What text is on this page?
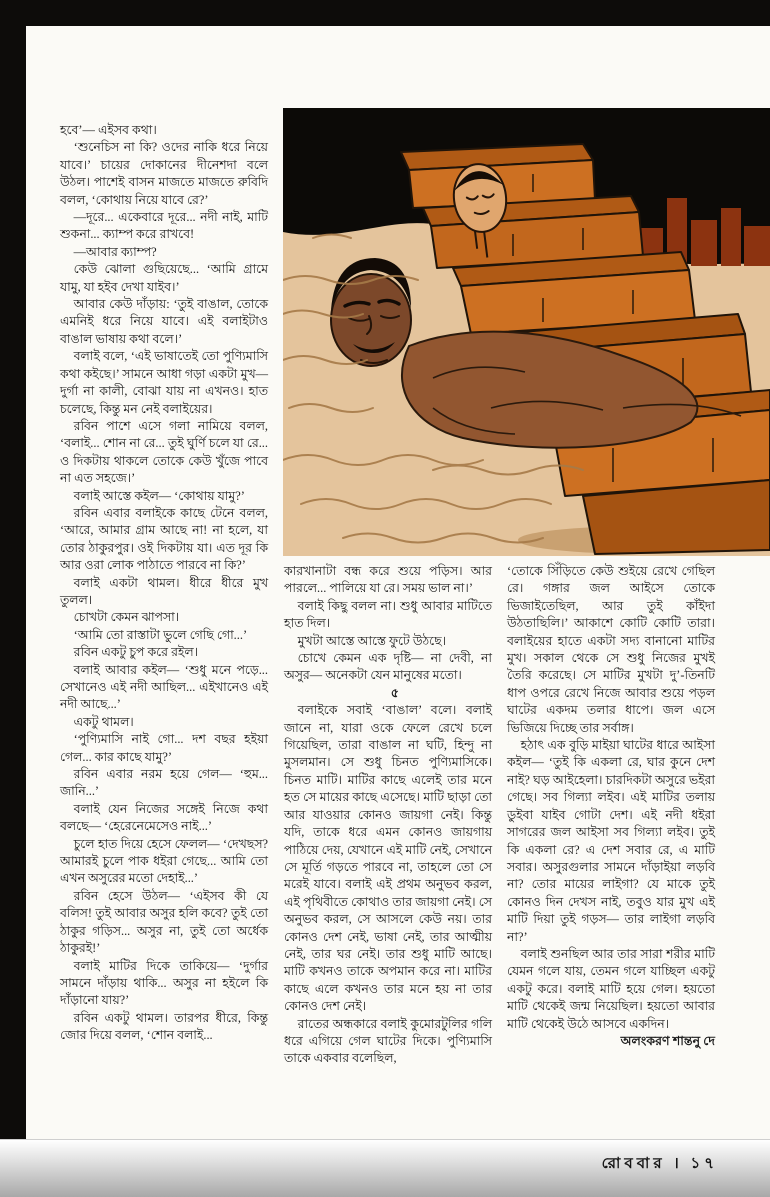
হবে’— এইসব কথা।

‘শুনেচিস না কি? ওদের নাকি ধরে নিয়ে যাবে।’ চায়ের দোকানের দীনেশদা বলে উঠল। পাশেই বাসন মাজতে মাজতে রুবিদি বলল, ‘কোথায় নিয়ে যাবে রে?’

—দূরে... একেবারে দূরে... নদী নাই, মাটি শুকনা... ক্যাম্প করে রাখবে!

—আবার ক্যাম্প?

কেউ ঝোলা গুছিয়েছে... ‘আমি গ্রামে যামু, যা হইব দেখা যাইব।’

আবার কেউ দাঁড়ায়: ‘তুই বাঙাল, তোকে এমনিই ধরে নিয়ে যাবে। এই বলাইটাও বাঙাল ভাষায় কথা বলে।’

বলাই বলে, ‘এই ভাষাতেই তো পুণ্যিমাসি কথা কইছে।’ সামনে আধা গড়া একটা মুখ— দুর্গা না কালী, বোঝা যায় না এখনও। হাত চলেছে, কিন্তু মন নেই বলাইয়ের।

রবিন পাশে এসে গলা নামিয়ে বলল, ‘বলাই... শোন না রে... তুই ঘুর্ণি চলে যা রে... ও দিকটায় থাকলে তোকে কেউ খুঁজে পাবে না এত সহজে।’

বলাই আস্তে কইল— ‘কোথায় যামু?’

রবিন এবার বলাইকে কাছে টেনে বলল, ‘আরে, আমার গ্রাম আছে না! না হলে, যা তোর ঠাকুরপুর। ওই দিকটায় যা। এত দূর কি আর ওরা লোক পাঠাতে পারবে না কি?’

বলাই একটা থামল। ধীরে ধীরে মুখ তুলল।

চোখটা কেমন ঝাপসা।

‘আমি তো রাস্তাটা ভুলে গেছি গো...’

রবিন একটু চুপ করে রইল।

বলাই আবার কইল— ‘শুধু মনে পড়ে... সেখানেও এই নদী আছিল... এইখানেও এই নদী আছে...’

একটু থামল।

‘পুণ্যিমাসি নাই গো... দশ বছর হইয়া গেল... কার কাছে যামু?’

রবিন এবার নরম হয়ে গেল— ‘হুম... জানি...’

বলাই যেন নিজের সঙ্গেই নিজে কথা বলছে— ‘হেরেনেমেসেও নাই...’

চুলে হাত দিয়ে হেসে ফেলল— ‘দেখছস? আমারই চুলে পাক ধইরা গেছে... আমি তো এখন অসুরের মতো দেহাই...’

রবিন হেসে উঠল— ‘এইসব কী যে বলিস! তুই আবার অসুর হলি কবে? তুই তো ঠাকুর গড়িস... অসুর না, তুই তো অর্ধেক ঠাকুরই!’

বলাই মাটির দিকে তাকিয়ে— ‘দুর্গার সামনে দাঁড়ায় থাকি... অসুর না হইলে কি দাঁড়ানো যায়?’

রবিন একটু থামল। তারপর ধীরে, কিন্তু জোর দিয়ে বলল, ‘শোন বলাই...

কারখানাটা বন্ধ করে শুয়ে পড়িস। আর পারলে... পালিয়ে যা রে। সময় ভাল না।’

বলাই কিছু বলল না। শুধু আবার মাটিতে হাত দিল।

মুখটা আস্তে আস্তে ফুটে উঠছে।

চোখে কেমন এক দৃষ্টি— না দেবী, না অসুর— অনেকটা যেন মানুষের মতো।

৫

বলাইকে সবাই ‘বাঙাল’ বলে। বলাই জানে না, যারা ওকে ফেলে রেখে চলে গিয়েছিল, তারা বাঙাল না ঘটি, হিন্দু না মুসলমান। সে শুধু চিনত পুণ্যিমাসিকে। চিনত মাটি। মাটির কাছে এলেই তার মনে হত সে মায়ের কাছে এসেছে। মাটি ছাড়া তো আর যাওয়ার কোনও জায়গা নেই। কিন্তু যদি, তাকে ধরে এমন কোনও জায়গায় পাঠিয়ে দেয়, যেখানে এই মাটি নেই, সেখানে সে মূর্তি গড়তে পারবে না, তাহলে তো সে মরেই যাবে। বলাই এই প্রথম অনুভব করল, এই পৃথিবীতে কোথাও তার জায়গা নেই। সে অনুভব করল, সে আসলে কেউ নয়। তার কোনও দেশ নেই, ভাষা নেই, তার আত্মীয় নেই, তার ঘর নেই। তার শুধু মাটি আছে। মাটি কখনও তাকে অপমান করে না। মাটির কাছে এলে কখনও তার মনে হয় না তার কোনও দেশ নেই।

রাতের অন্ধকারে বলাই কুমোরটুলির গলি ধরে এগিয়ে গেল ঘাটের দিকে। পুণ্যিমাসি তাকে একবার বলেছিল,

‘তোকে সিঁড়িতে কেউ শুইয়ে রেখে গেছিল রে। গঙ্গার জল আইসে তোকে ভিজাইতেছিল, আর তুই কাঁইদা উঠতাছিলি।’ আকাশে কোটি কোটি তারা। বলাইয়ের হাতে একটা সদ্য বানানো মাটির মুখ। সকাল থেকে সে শুধু নিজের মুখই তৈরি করেছে। সে মাটির মুখটা দু’-তিনটি ধাপ ওপরে রেখে নিজে আবার শুয়ে পড়ল ঘাটের একদম তলার ধাপে। জল এসে ভিজিয়ে দিচ্ছে তার সর্বাঙ্গ।

হঠাৎ এক বুড়ি মাইয়া ঘাটের ধারে আইসা কইল— ‘তুই কি একলা রে, ঘার কুনে দেশ নাই? ঘড় আইহেলা। চারদিকটা অসুরে ভইরা গেছে। সব গিল্যা লইব। এই মাটির তলায় ডুইবা যাইব গোটা দেশ। এই নদী ধইরা সাগরের জল আইসা সব গিল্যা লইব। তুই কি একলা রে? এ দেশ সবার রে, এ মাটি সবার। অসুরগুলার সামনে দাঁড়াইয়া লড়বি না? তোর মায়ের লাইগা? যে মাকে তুই কোনও দিন দেখস নাই, তবুও যার মুখ এই মাটি দিয়া তুই গড়স— তার লাইগা লড়বি না?’

বলাই শুনছিল আর তার সারা শরীর মাটি যেমন গলে যায়, তেমন গলে যাচ্ছিল একটু একটু করে। বলাই মাটি হয়ে গেল। হয়তো মাটি থেকেই জন্ম নিয়েছিল। হয়তো আবার মাটি থেকেই উঠে আসবে একদিন।

অলংকরণ শান্তনু দে

রোববার । ১৭
